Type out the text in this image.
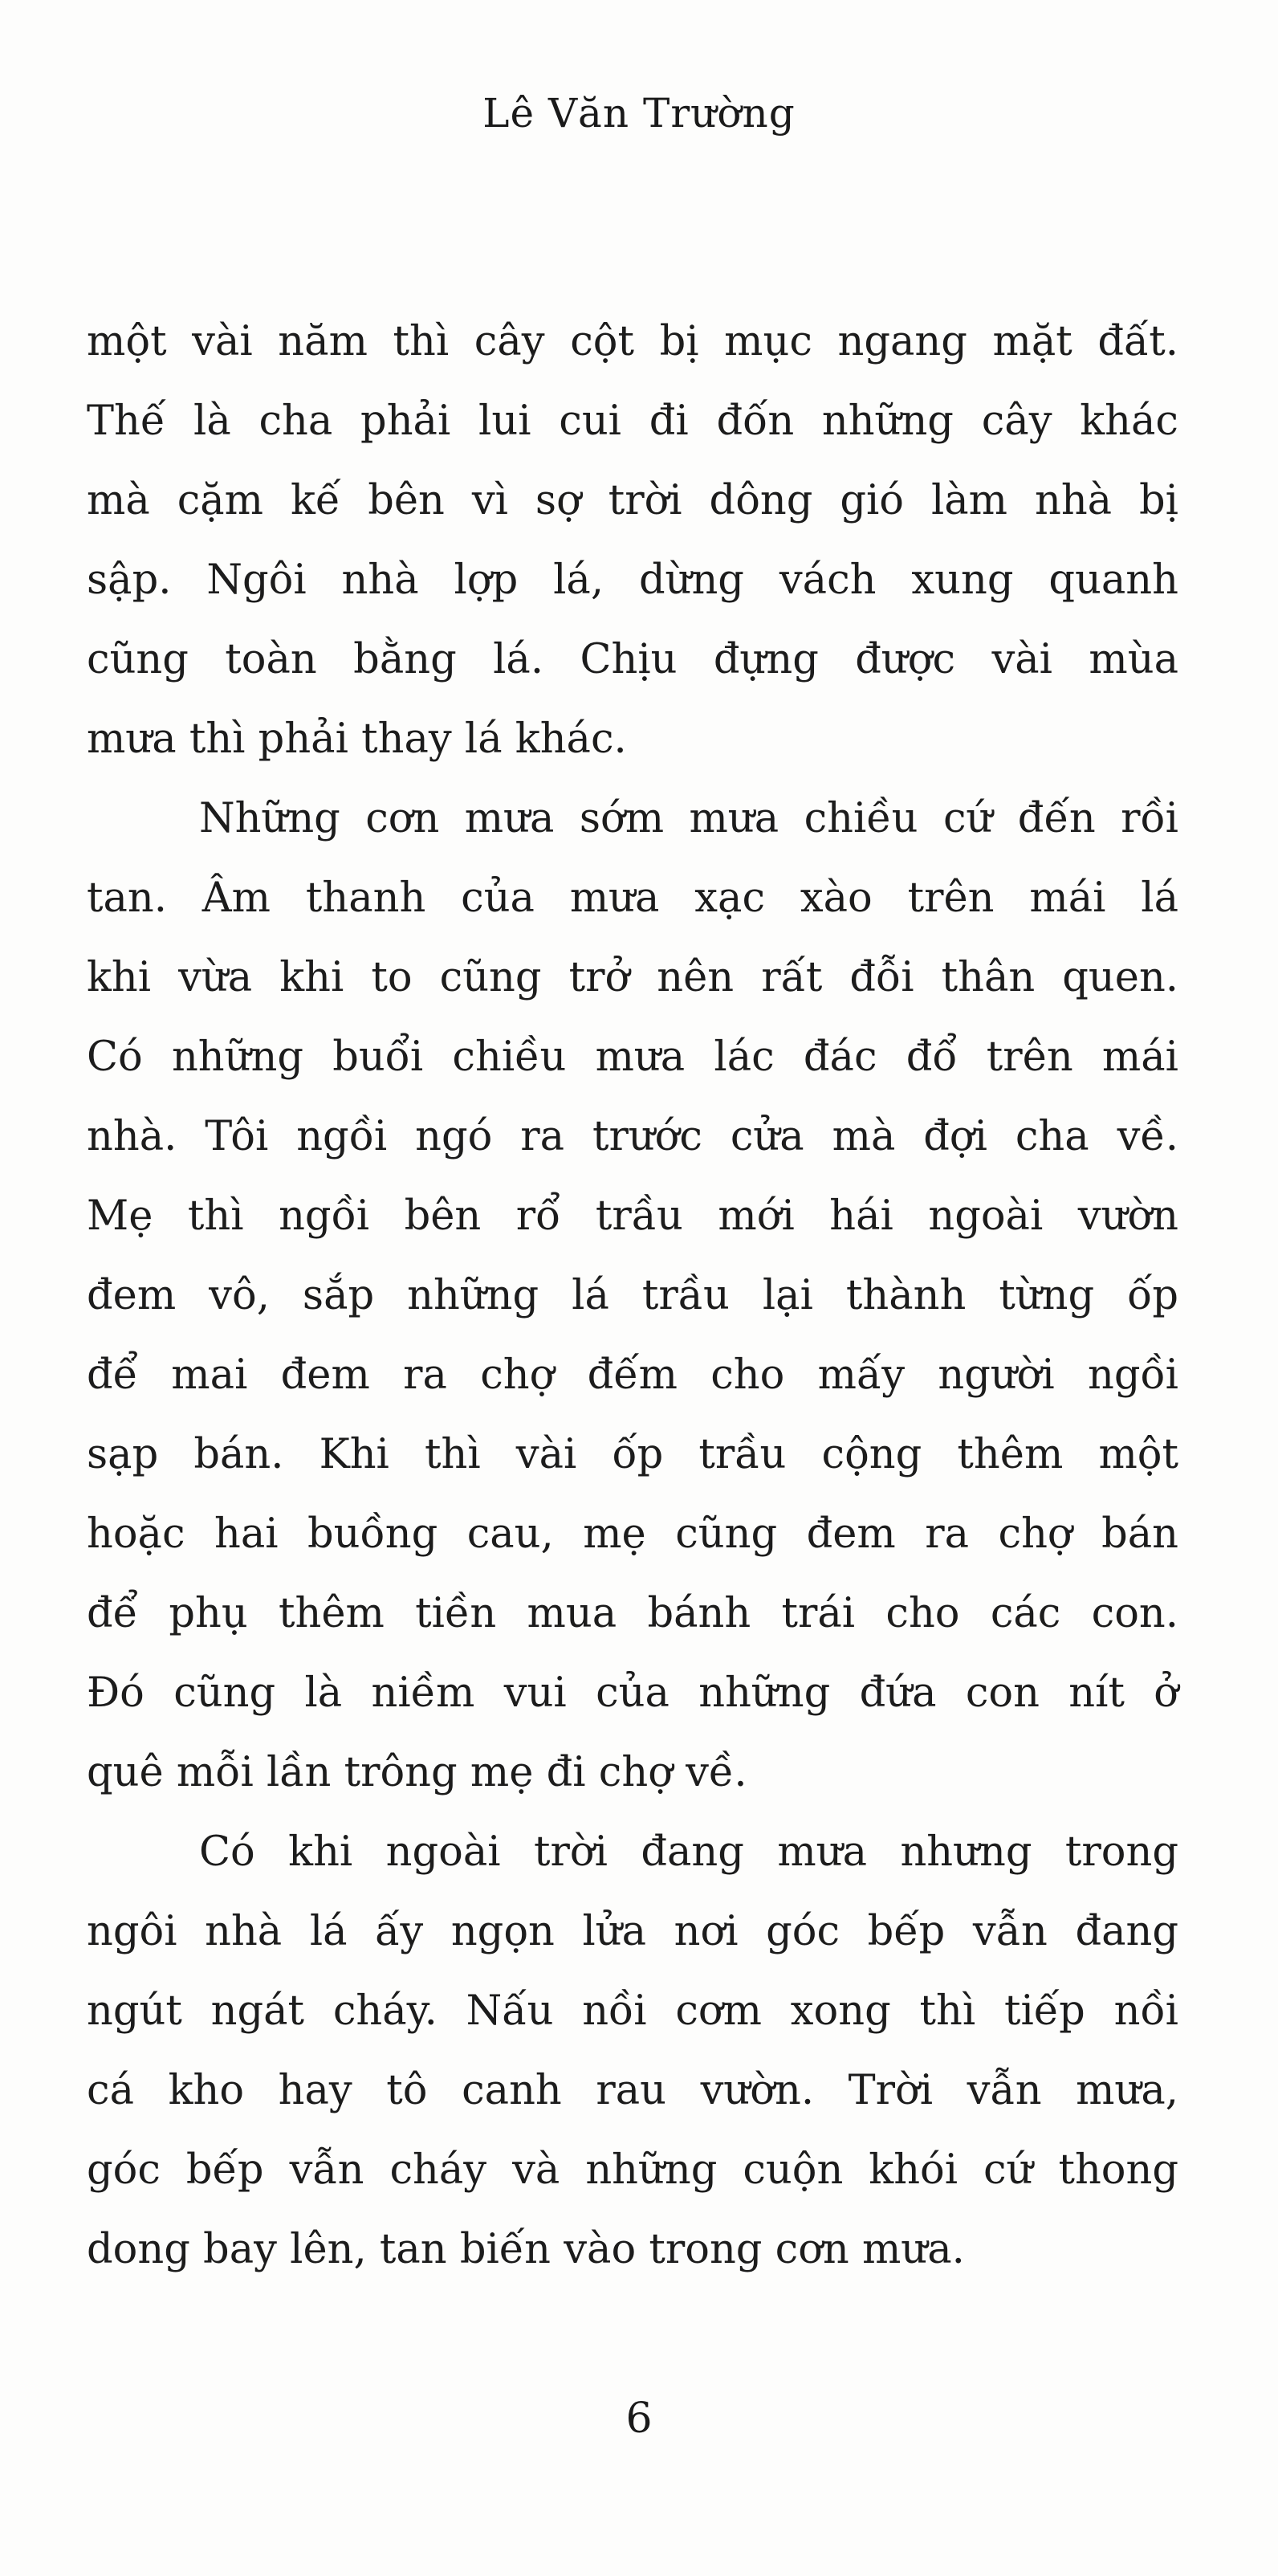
Lê Văn Trường
một vài năm thì cây cột bị mục ngang mặt đất.
Thế là cha phải lui cui đi đốn những cây khác
mà cặm kế bên vì sợ trời dông gió làm nhà bị
sập. Ngôi nhà lợp lá, dừng vách xung quanh
cũng toàn bằng lá. Chịu đựng được vài mùa
mưa thì phải thay lá khác.
Những cơn mưa sớm mưa chiều cứ đến rồi
tan. Âm thanh của mưa xạc xào trên mái lá
khi vừa khi to cũng trở nên rất đỗi thân quen.
Có những buổi chiều mưa lác đác đổ trên mái
nhà. Tôi ngồi ngó ra trước cửa mà đợi cha về.
Mẹ thì ngồi bên rổ trầu mới hái ngoài vườn
đem vô, sắp những lá trầu lại thành từng ốp
để mai đem ra chợ đếm cho mấy người ngồi
sạp bán. Khi thì vài ốp trầu cộng thêm một
hoặc hai buồng cau, mẹ cũng đem ra chợ bán
để phụ thêm tiền mua bánh trái cho các con.
Đó cũng là niềm vui của những đứa con nít ở
quê mỗi lần trông mẹ đi chợ về.
Có khi ngoài trời đang mưa nhưng trong
ngôi nhà lá ấy ngọn lửa nơi góc bếp vẫn đang
ngút ngát cháy. Nấu nồi cơm xong thì tiếp nồi
cá kho hay tô canh rau vườn. Trời vẫn mưa,
góc bếp vẫn cháy và những cuộn khói cứ thong
dong bay lên, tan biến vào trong cơn mưa.
6
